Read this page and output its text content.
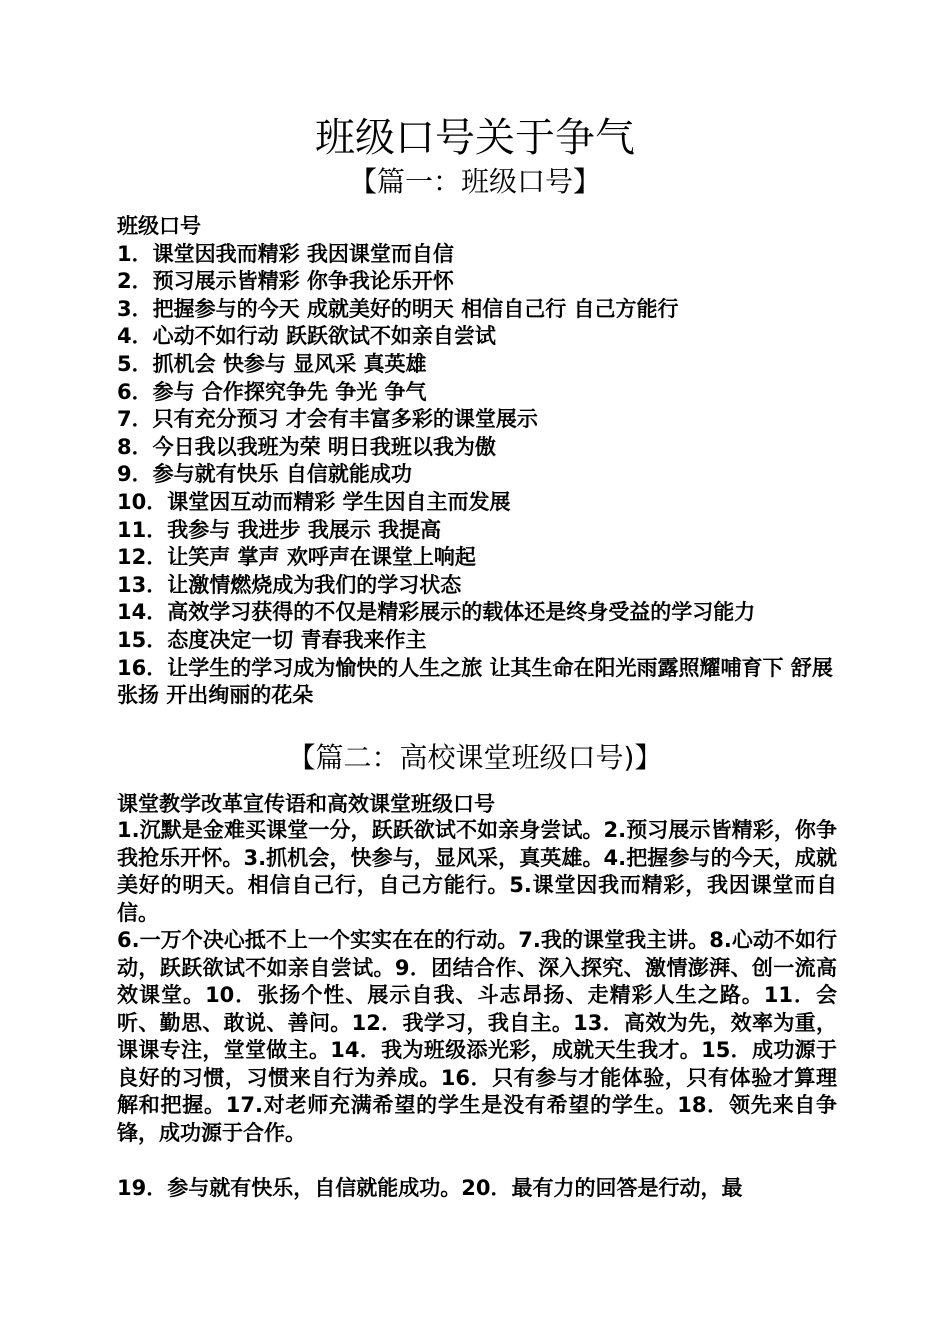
班级口号关于争气
【篇一：班级口号】
班级口号
1．课堂因我而精彩 我因课堂而自信
2．预习展示皆精彩 你争我论乐开怀
3．把握参与的今天 成就美好的明天 相信自己行 自己方能行
4．心动不如行动 跃跃欲试不如亲自尝试
5．抓机会 快参与 显风采 真英雄
6．参与 合作探究争先 争光 争气
7．只有充分预习 才会有丰富多彩的课堂展示
8．今日我以我班为荣 明日我班以我为傲
9．参与就有快乐 自信就能成功
10．课堂因互动而精彩 学生因自主而发展
11．我参与 我进步 我展示 我提高
12．让笑声 掌声 欢呼声在课堂上响起
13．让激情燃烧成为我们的学习状态
14．高效学习获得的不仅是精彩展示的载体还是终身受益的学习能力
15．态度决定一切 青春我来作主
16．让学生的学习成为愉快的人生之旅 让其生命在阳光雨露照耀哺育下 舒展张扬 开出绚丽的花朵
【篇二：高校课堂班级口号)】
课堂教学改革宣传语和高效课堂班级口号
1.沉默是金难买课堂一分，跃跃欲试不如亲身尝试。2.预习展示皆精彩，你争我抢乐开怀。3.抓机会，快参与，显风采，真英雄。4.把握参与的今天，成就美好的明天。相信自己行，自己方能行。5.课堂因我而精彩，我因课堂而自信。
6.一万个决心抵不上一个实实在在的行动。7.我的课堂我主讲。8.心动不如行动，跃跃欲试不如亲自尝试。9．团结合作、深入探究、激情澎湃、创一流高效课堂。10．张扬个性、展示自我、斗志昂扬、走精彩人生之路。11．会听、勤思、敢说、善问。12．我学习，我自主。13．高效为先，效率为重，课课专注，堂堂做主。14．我为班级添光彩，成就天生我才。15．成功源于良好的习惯，习惯来自行为养成。16．只有参与才能体验，只有体验才算理解和把握。17.对老师充满希望的学生是没有希望的学生。18．领先来自争锋，成功源于合作。
19．参与就有快乐，自信就能成功。20．最有力的回答是行动，最
